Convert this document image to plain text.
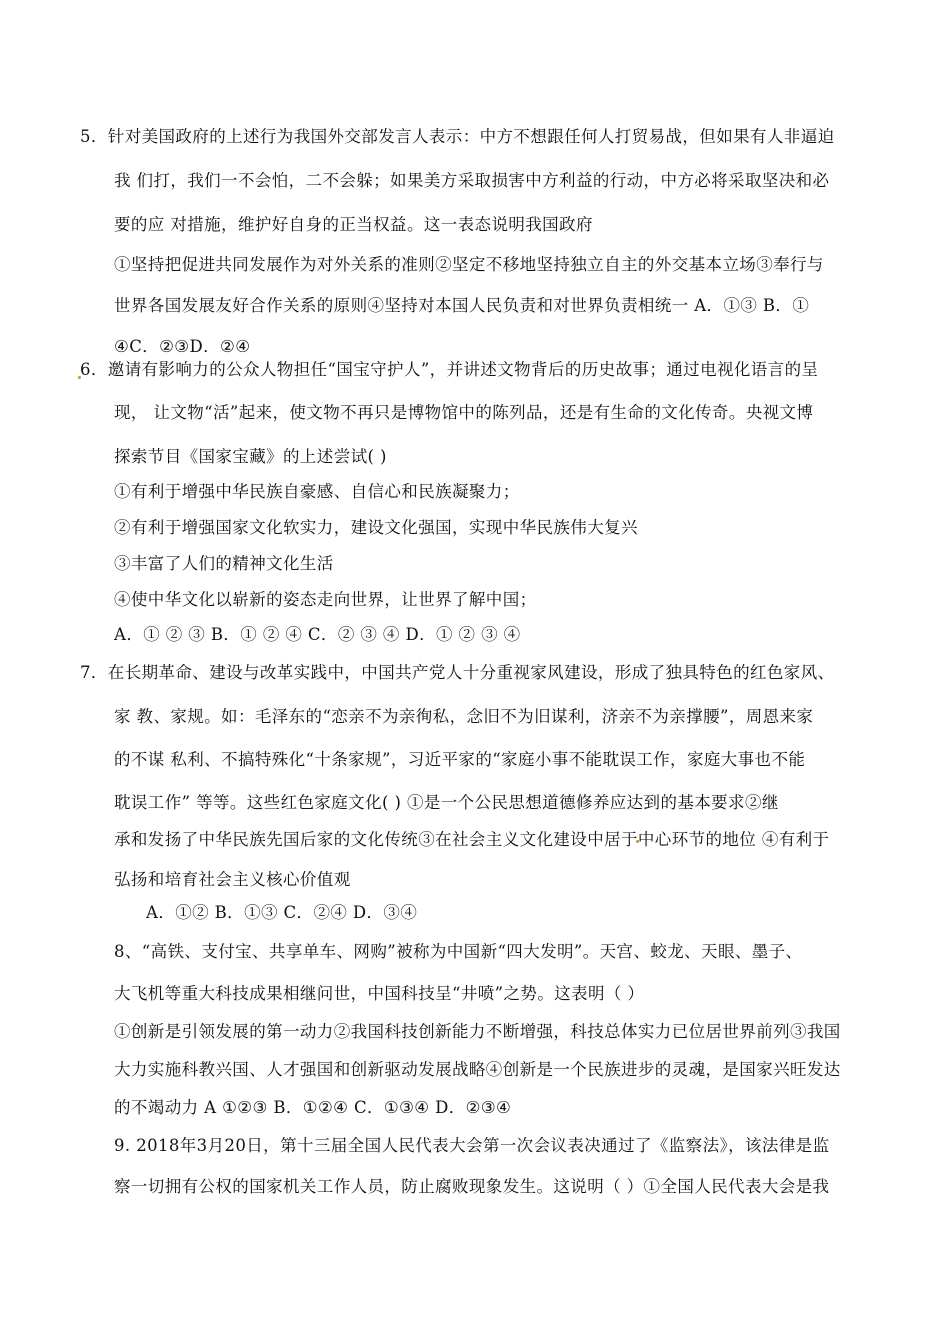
5．针对美国政府的上述行为我国外交部发言人表示：中方不想跟任何人打贸易战，但如果有人非逼迫
我 们打，我们一不会怕，二不会躲；如果美方采取损害中方利益的行动，中方必将采取坚决和必
要的应 对措施，维护好自身的正当权益。这一表态说明我国政府
①坚持把促进共同发展作为对外关系的准则②坚定不移地坚持独立自主的外交基本立场③奉行与
世界各国发展友好合作关系的原则④坚持对本国人民负责和对世界负责相统一 A．①③ B．①
④C．②③D．②④
6．邀请有影响力的公众人物担任“国宝守护人”，并讲述文物背后的历史故事；通过电视化语言的呈
现， 让文物“活”起来，使文物不再只是博物馆中的陈列品，还是有生命的文化传奇。央视文博
探索节目《国家宝藏》的上述尝试( )
①有利于增强中华民族自豪感、自信心和民族凝聚力；
②有利于增强国家文化软实力，建设文化强国，实现中华民族伟大复兴
③丰富了人们的精神文化生活
④使中华文化以崭新的姿态走向世界，让世界了解中国；
A．① ② ③ B．① ② ④ C．② ③ ④ D．① ② ③ ④
7．在长期革命、建设与改革实践中，中国共产党人十分重视家风建设，形成了独具特色的红色家风、
家 教、家规。如：毛泽东的“恋亲不为亲徇私，念旧不为旧谋利，济亲不为亲撑腰”，周恩来家
的不谋 私利、不搞特殊化“十条家规”，习近平家的“家庭小事不能耽误工作，家庭大事也不能
耽误工作” 等等。这些红色家庭文化( ) ①是一个公民思想道德修养应达到的基本要求②继
承和发扬了中华民族先国后家的文化传统③在社会主义文化建设中居于中心环节的地位 ④有利于
弘扬和培育社会主义核心价值观
A．①② B．①③ C．②④ D．③④
8、“高铁、支付宝、共享单车、网购”被称为中国新“四大发明”。天宫、蛟龙、天眼、墨子、
大飞机等重大科技成果相继问世，中国科技呈“井喷”之势。这表明（ ）
①创新是引领发展的第一动力②我国科技创新能力不断增强，科技总体实力已位居世界前列③我国
大力实施科教兴国、人才强国和创新驱动发展战略④创新是一个民族进步的灵魂，是国家兴旺发达
的不竭动力 A ①②③ B．①②④ C．①③④ D．②③④
9. 2018年3月20日，第十三届全国人民代表大会第一次会议表决通过了《监察法》，该法律是监
察一切拥有公权的国家机关工作人员，防止腐败现象发生。这说明（ ）①全国人民代表大会是我
